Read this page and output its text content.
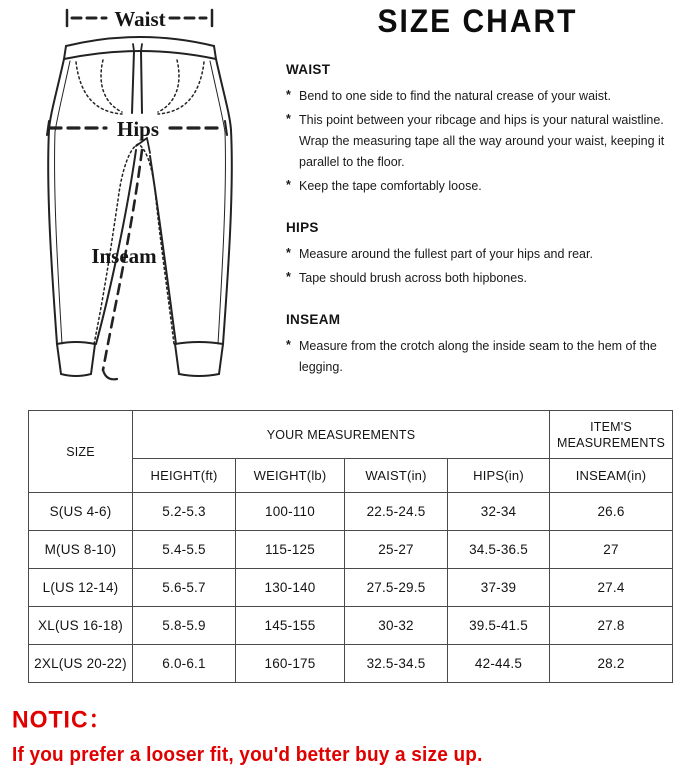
Waist
Hips
Inseam
SIZE CHART
WAIST
* Bend to one side to find the natural crease of your waist.
* This point between your ribcage and hips is your natural waistline. Wrap the measuring tape all the way around your waist, keeping it parallel to the floor.
* Keep the tape comfortably loose.
HIPS
* Measure around the fullest part of your hips and rear.
* Tape should brush across both hipbones.
INSEAM
* Measure from the crotch along the inside seam to the hem of the legging.
SIZE	YOUR MEASUREMENTS				ITEM'S MEASUREMENTS
	HEIGHT(ft)	WEIGHT(lb)	WAIST(in)	HIPS(in)	INSEAM(in)
S(US 4-6)	5.2-5.3	100-110	22.5-24.5	32-34	26.6
M(US 8-10)	5.4-5.5	115-125	25-27	34.5-36.5	27
L(US 12-14)	5.6-5.7	130-140	27.5-29.5	37-39	27.4
XL(US 16-18)	5.8-5.9	145-155	30-32	39.5-41.5	27.8
2XL(US 20-22)	6.0-6.1	160-175	32.5-34.5	42-44.5	28.2
NOTIC：
If you prefer a looser fit, you'd better buy a size up.
